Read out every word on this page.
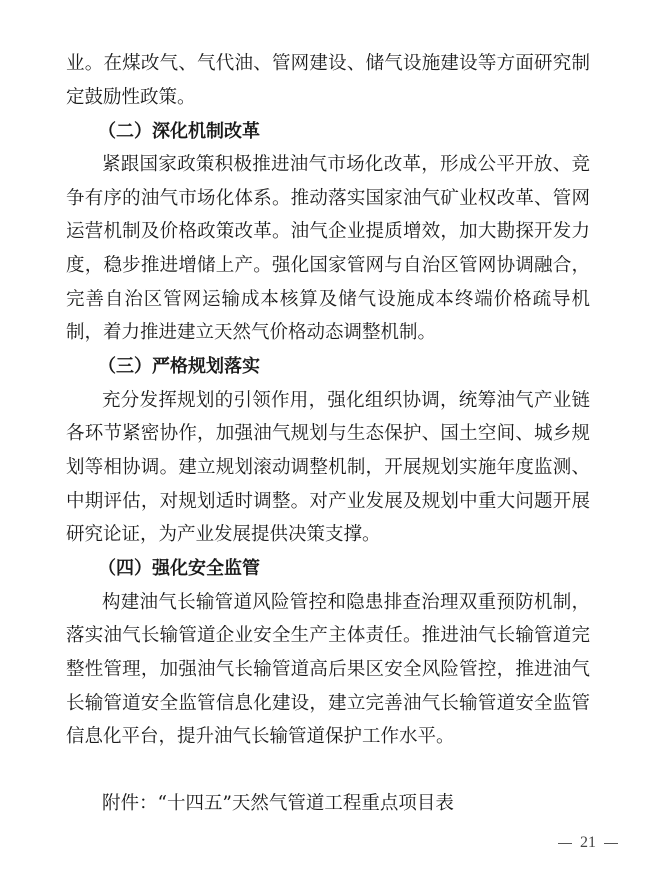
业。在煤改气、气代油、管网建设、储气设施建设等方面研究制
定鼓励性政策。
（二）深化机制改革
紧跟国家政策积极推进油气市场化改革，形成公平开放、竞
争有序的油气市场化体系。推动落实国家油气矿业权改革、管网
运营机制及价格政策改革。油气企业提质增效，加大勘探开发力
度，稳步推进增储上产。强化国家管网与自治区管网协调融合，
完善自治区管网运输成本核算及储气设施成本终端价格疏导机
制，着力推进建立天然气价格动态调整机制。
（三）严格规划落实
充分发挥规划的引领作用，强化组织协调，统筹油气产业链
各环节紧密协作，加强油气规划与生态保护、国土空间、城乡规
划等相协调。建立规划滚动调整机制，开展规划实施年度监测、
中期评估，对规划适时调整。对产业发展及规划中重大问题开展
研究论证，为产业发展提供决策支撑。
（四）强化安全监管
构建油气长输管道风险管控和隐患排查治理双重预防机制，
落实油气长输管道企业安全生产主体责任。推进油气长输管道完
整性管理，加强油气长输管道高后果区安全风险管控，推进油气
长输管道安全监管信息化建设，建立完善油气长输管道安全监管
信息化平台，提升油气长输管道保护工作水平。
附件：“十四五”天然气管道工程重点项目表
21
